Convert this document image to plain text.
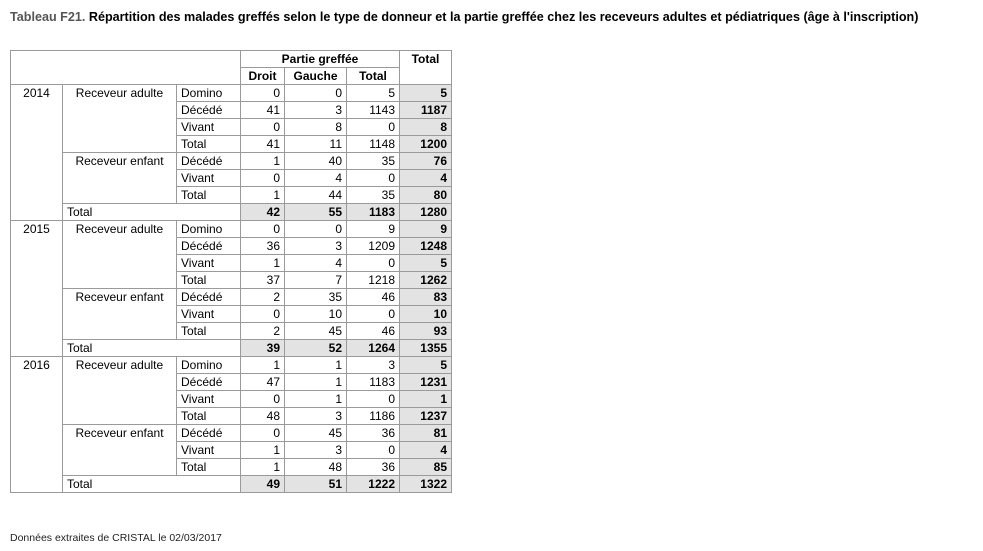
Tableau F21. Répartition des malades greffés selon le type de donneur et la partie greffée chez les receveurs adultes et pédiatriques (âge à l'inscription)
			Partie greffée			Total
			Droit	Gauche	Total	
2014	Receveur adulte	Domino	0	0	5	5
		Décédé	41	3	1143	1187
		Vivant	0	8	0	8
		Total	41	11	1148	1200
	Receveur enfant	Décédé	1	40	35	76
		Vivant	0	4	0	4
		Total	1	44	35	80
	Total		42	55	1183	1280
2015	Receveur adulte	Domino	0	0	9	9
		Décédé	36	3	1209	1248
		Vivant	1	4	0	5
		Total	37	7	1218	1262
	Receveur enfant	Décédé	2	35	46	83
		Vivant	0	10	0	10
		Total	2	45	46	93
	Total		39	52	1264	1355
2016	Receveur adulte	Domino	1	1	3	5
		Décédé	47	1	1183	1231
		Vivant	0	1	0	1
		Total	48	3	1186	1237
	Receveur enfant	Décédé	0	45	36	81
		Vivant	1	3	0	4
		Total	1	48	36	85
	Total		49	51	1222	1322
Données extraites de CRISTAL le 02/03/2017
